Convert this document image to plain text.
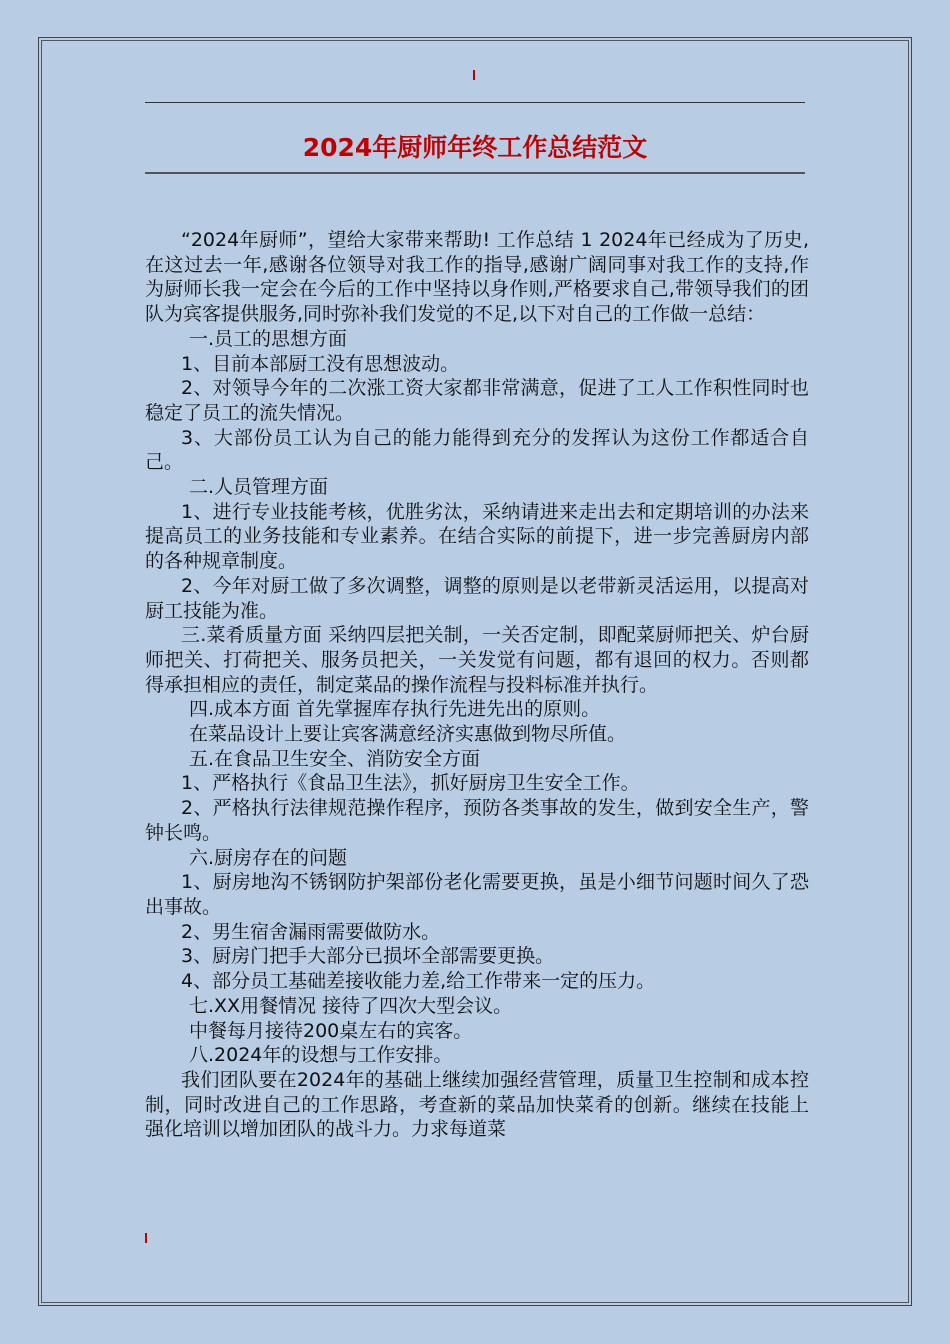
2024年厨师年终工作总结范文

“2024年厨师”，望给大家带来帮助! 工作总结 1 2024年已经成为了历史,在这过去一年,感谢各位领导对我工作的指导,感谢广阔同事对我工作的支持,作为厨师长我一定会在今后的工作中坚持以身作则,严格要求自己,带领导我们的团队为宾客提供服务,同时弥补我们发觉的不足,以下对自己的工作做一总结：

一.员工的思想方面

1、目前本部厨工没有思想波动。

2、对领导今年的二次涨工资大家都非常满意，促进了工人工作积性同时也稳定了员工的流失情况。

3、大部份员工认为自己的能力能得到充分的发挥认为这份工作都适合自己。

二.人员管理方面

1、进行专业技能考核，优胜劣汰，采纳请进来走出去和定期培训的办法来提高员工的业务技能和专业素养。在结合实际的前提下，进一步完善厨房内部的各种规章制度。

2、今年对厨工做了多次调整，调整的原则是以老带新灵活运用，以提高对厨工技能为准。

三.菜肴质量方面 采纳四层把关制，一关否定制，即配菜厨师把关、炉台厨师把关、打荷把关、服务员把关，一关发觉有问题，都有退回的权力。否则都得承担相应的责任，制定菜品的操作流程与投料标准并执行。

四.成本方面 首先掌握库存执行先进先出的原则。

在菜品设计上要让宾客满意经济实惠做到物尽所值。

五.在食品卫生安全、消防安全方面

1、严格执行《食品卫生法》，抓好厨房卫生安全工作。

2、严格执行法律规范操作程序，预防各类事故的发生，做到安全生产，警钟长鸣。

六.厨房存在的问题

1、厨房地沟不锈钢防护架部份老化需要更换，虽是小细节问题时间久了恐出事故。

2、男生宿舍漏雨需要做防水。

3、厨房门把手大部分已损坏全部需要更换。

4、部分员工基础差接收能力差,给工作带来一定的压力。

七.XX用餐情况 接待了四次大型会议。

中餐每月接待200桌左右的宾客。

八.2024年的设想与工作安排。

我们团队要在2024年的基础上继续加强经营管理，质量卫生控制和成本控制，同时改进自己的工作思路，考查新的菜品加快菜肴的创新。继续在技能上强化培训以增加团队的战斗力。力求每道菜
